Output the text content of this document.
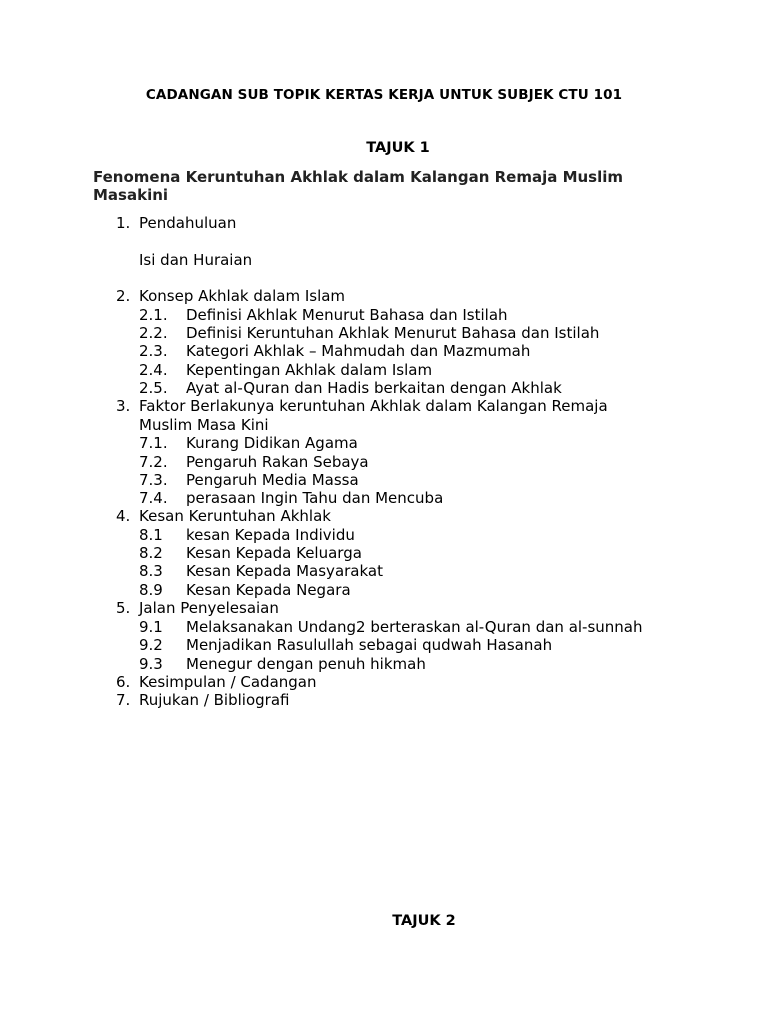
CADANGAN SUB TOPIK KERTAS KERJA UNTUK SUBJEK CTU 101
TAJUK 1
Fenomena Keruntuhan Akhlak dalam Kalangan Remaja Muslim
Masakini
1. Pendahuluan
Isi dan Huraian
2. Konsep Akhlak dalam Islam
2.1. Definisi Akhlak Menurut Bahasa dan Istilah
2.2. Definisi Keruntuhan Akhlak Menurut Bahasa dan Istilah
2.3. Kategori Akhlak – Mahmudah dan Mazmumah
2.4. Kepentingan Akhlak dalam Islam
2.5. Ayat al-Quran dan Hadis berkaitan dengan Akhlak
3. Faktor Berlakunya keruntuhan Akhlak dalam Kalangan Remaja
Muslim Masa Kini
7.1. Kurang Didikan Agama
7.2. Pengaruh Rakan Sebaya
7.3. Pengaruh Media Massa
7.4. perasaan Ingin Tahu dan Mencuba
4. Kesan Keruntuhan Akhlak
8.1 kesan Kepada Individu
8.2 Kesan Kepada Keluarga
8.3 Kesan Kepada Masyarakat
8.9 Kesan Kepada Negara
5. Jalan Penyelesaian
9.1 Melaksanakan Undang2 berteraskan al-Quran dan al-sunnah
9.2 Menjadikan Rasulullah sebagai qudwah Hasanah
9.3 Menegur dengan penuh hikmah
6. Kesimpulan / Cadangan
7. Rujukan / Bibliografi
TAJUK 2
